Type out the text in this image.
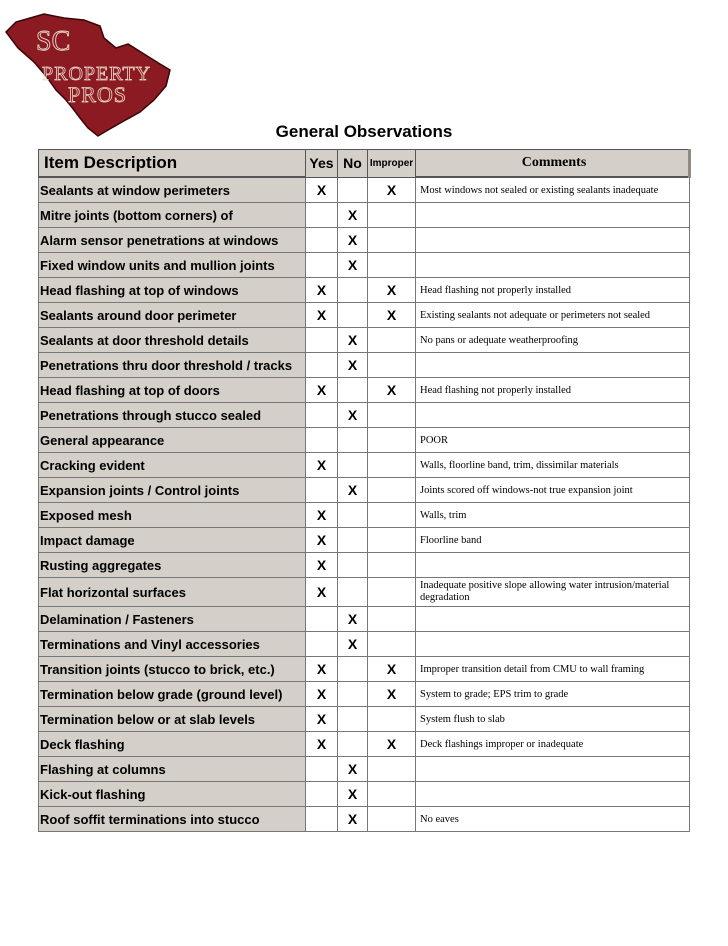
SC
PROPERTY
PROS
General Observations
Item Description	Yes	No	Improper	Comments
Sealants at window perimeters	X		X	Most windows not sealed or existing sealants inadequate
Mitre joints (bottom corners) of		X		
Alarm sensor penetrations at windows		X		
Fixed window units and mullion joints		X		
Head flashing at top of windows	X		X	Head flashing not properly installed
Sealants around door perimeter	X		X	Existing sealants not adequate or perimeters not sealed
Sealants at door threshold details		X		No pans or adequate weatherproofing
Penetrations thru door threshold / tracks		X		
Head flashing at top of doors	X		X	Head flashing not properly installed
Penetrations through stucco sealed		X		
General appearance				POOR
Cracking evident	X			Walls, floorline band, trim, dissimilar materials
Expansion joints / Control joints		X		Joints scored off windows-not true expansion joint
Exposed mesh	X			Walls, trim
Impact damage	X			Floorline band
Rusting aggregates	X			
Flat horizontal surfaces	X			Inadequate positive slope allowing water intrusion/material degradation
Delamination / Fasteners		X		
Terminations and Vinyl accessories		X		
Transition joints (stucco to brick, etc.)	X		X	Improper transition detail from CMU to wall framing
Termination below grade (ground level)	X		X	System to grade; EPS trim to grade
Termination below or at slab levels	X			System flush to slab
Deck flashing	X		X	Deck flashings improper or inadequate
Flashing at columns		X		
Kick-out flashing		X		
Roof soffit terminations into stucco		X		No eaves
